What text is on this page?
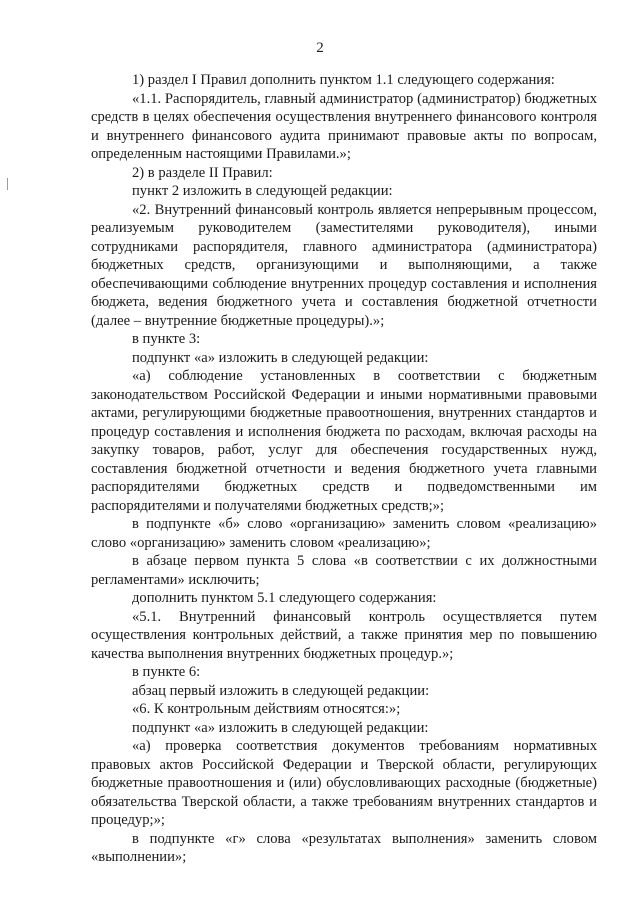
2

1) раздел I Правил дополнить пунктом 1.1 следующего содержания:

«1.1. Распорядитель, главный администратор (администратор) бюджетных средств в целях обеспечения осуществления внутреннего финансового контроля и внутреннего финансового аудита принимают правовые акты по вопросам, определенным настоящими Правилами.»;

2) в разделе II Правил:

пункт 2 изложить в следующей редакции:

«2. Внутренний финансовый контроль является непрерывным процессом, реализуемым руководителем (заместителями руководителя), иными сотрудниками распорядителя, главного администратора (администратора) бюджетных средств, организующими и выполняющими, а также обеспечивающими соблюдение внутренних процедур составления и исполнения бюджета, ведения бюджетного учета и составления бюджетной отчетности (далее – внутренние бюджетные процедуры).»;

в пункте 3:

подпункт «а» изложить в следующей редакции:

«а) соблюдение установленных в соответствии с бюджетным законодательством Российской Федерации и иными нормативными правовыми актами, регулирующими бюджетные правоотношения, внутренних стандартов и процедур составления и исполнения бюджета по расходам, включая расходы на закупку товаров, работ, услуг для обеспечения государственных нужд, составления бюджетной отчетности и ведения бюджетного учета главными распорядителями бюджетных средств и подведомственными им распорядителями и получателями бюджетных средств;»;

в подпункте «б» слово «организацию» заменить словом «реализацию» слово «организацию» заменить словом «реализацию»;

в абзаце первом пункта 5 слова «в соответствии с их должностными регламентами» исключить;

дополнить пунктом 5.1 следующего содержания:

«5.1. Внутренний финансовый контроль осуществляется путем осуществления контрольных действий, а также принятия мер по повышению качества выполнения внутренних бюджетных процедур.»;

в пункте 6:

абзац первый изложить в следующей редакции:

«6. К контрольным действиям относятся:»;

подпункт «а» изложить в следующей редакции:

«а) проверка соответствия документов требованиям нормативных правовых актов Российской Федерации и Тверской области, регулирующих бюджетные правоотношения и (или) обусловливающих расходные (бюджетные) обязательства Тверской области, а также требованиям внутренних стандартов и процедур;»;

в подпункте «г» слова «результатах выполнения» заменить словом «выполнении»;
